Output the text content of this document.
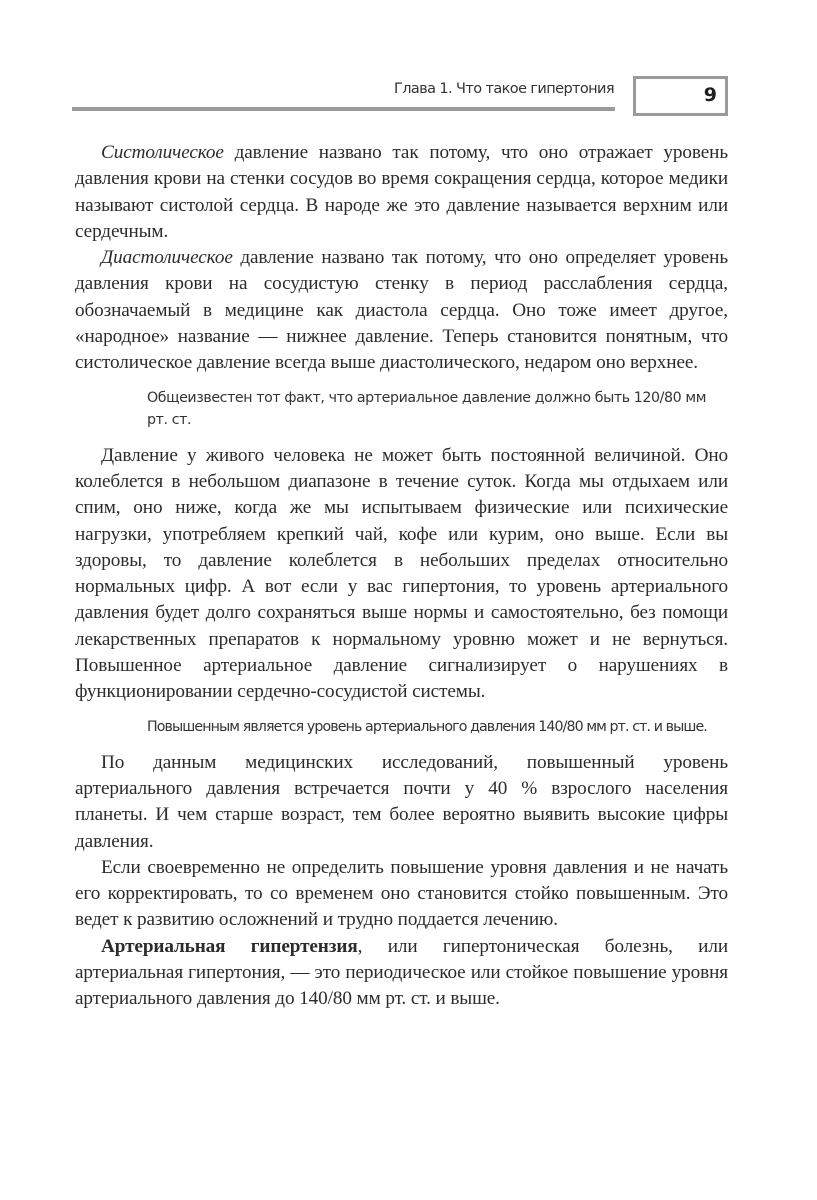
Глава 1. Что такое гипертония	9

Систолическое давление названо так потому, что оно отражает уровень давления крови на стенки сосудов во время сокращения сердца, которое медики называют систолой сердца. В народе же это давление называется верхним или сердечным.

Диастолическое давление названо так потому, что оно определяет уровень давления крови на сосудистую стенку в период расслабления сердца, обозначаемый в медицине как диастола сердца. Оно тоже имеет другое, «народное» название — нижнее давление. Теперь становится понятным, что систолическое давление всегда выше диастолического, недаром оно верхнее.

Общеизвестен тот факт, что артериальное давление должно быть 120/80 мм рт. ст.

Давление у живого человека не может быть постоянной величиной. Оно колеблется в небольшом диапазоне в течение суток. Когда мы отдыхаем или спим, оно ниже, когда же мы испытываем физические или психические нагрузки, употребляем крепкий чай, кофе или курим, оно выше. Если вы здоровы, то давление колеблется в небольших пределах относительно нормальных цифр. А вот если у вас гипертония, то уровень артериального давления будет долго сохраняться выше нормы и самостоятельно, без помощи лекарственных препаратов к нормальному уровню может и не вернуться. Повышенное артериальное давление сигнализирует о нарушениях в функционировании сердечно-сосудистой системы.

Повышенным является уровень артериального давления 140/80 мм рт. ст. и выше.

По данным медицинских исследований, повышенный уровень артериального давления встречается почти у 40 % взрослого населения планеты. И чем старше возраст, тем более вероятно выявить высокие цифры давления.

Если своевременно не определить повышение уровня давления и не начать его корректировать, то со временем оно становится стойко повышенным. Это ведет к развитию осложнений и трудно поддается лечению.

Артериальная гипертензия, или гипертоническая болезнь, или артериальная гипертония, — это периодическое или стойкое повышение уровня артериального давления до 140/80 мм рт. ст. и выше.
